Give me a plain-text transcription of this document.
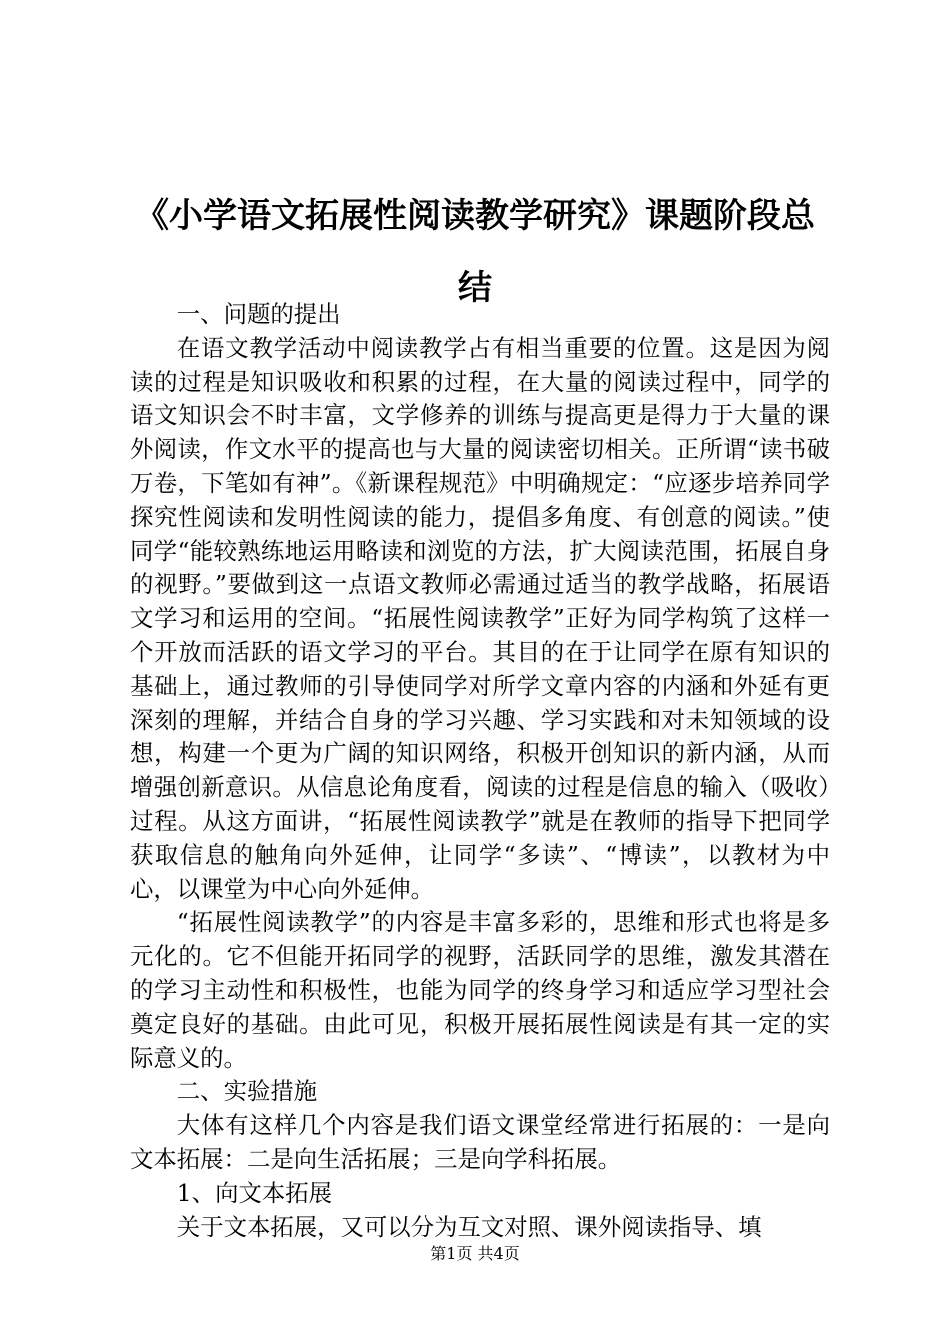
《小学语文拓展性阅读教学研究》课题阶段总结

一、问题的提出

在语文教学活动中阅读教学占有相当重要的位置。这是因为阅读的过程是知识吸收和积累的过程，在大量的阅读过程中，同学的语文知识会不时丰富，文学修养的训练与提高更是得力于大量的课外阅读，作文水平的提高也与大量的阅读密切相关。正所谓“读书破万卷，下笔如有神”。《新课程规范》中明确规定：“应逐步培养同学探究性阅读和发明性阅读的能力，提倡多角度、有创意的阅读。”使同学“能较熟练地运用略读和浏览的方法，扩大阅读范围，拓展自身的视野。”要做到这一点语文教师必需通过适当的教学战略，拓展语文学习和运用的空间。“拓展性阅读教学”正好为同学构筑了这样一个开放而活跃的语文学习的平台。其目的在于让同学在原有知识的基础上，通过教师的引导使同学对所学文章内容的内涵和外延有更深刻的理解，并结合自身的学习兴趣、学习实践和对未知领域的设想，构建一个更为广阔的知识网络，积极开创知识的新内涵，从而增强创新意识。从信息论角度看，阅读的过程是信息的输入（吸收）过程。从这方面讲，“拓展性阅读教学”就是在教师的指导下把同学获取信息的触角向外延伸，让同学“多读”、“博读”，以教材为中心，以课堂为中心向外延伸。

“拓展性阅读教学”的内容是丰富多彩的，思维和形式也将是多元化的。它不但能开拓同学的视野，活跃同学的思维，激发其潜在的学习主动性和积极性，也能为同学的终身学习和适应学习型社会奠定良好的基础。由此可见，积极开展拓展性阅读是有其一定的实际意义的。

二、实验措施

大体有这样几个内容是我们语文课堂经常进行拓展的：一是向文本拓展：二是向生活拓展；三是向学科拓展。

1、向文本拓展

关于文本拓展，又可以分为互文对照、课外阅读指导、填

第1页 共4页
